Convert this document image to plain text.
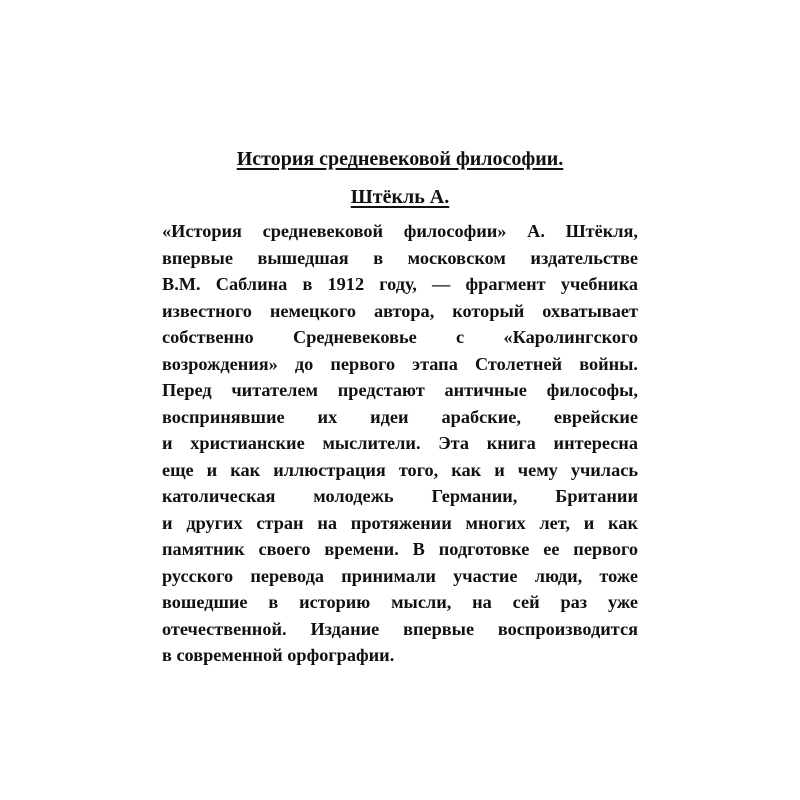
История средневековой философии.
Штёкль А.
«История средневековой философии» А. Штёкля,
впервые вышедшая в московском издательстве
В.М. Саблина в 1912 году, — фрагмент учебника
известного немецкого автора, который охватывает
собственно Средневековье с «Каролингского
возрождения» до первого этапа Столетней войны.
Перед читателем предстают античные философы,
воспринявшие их идеи арабские, еврейские
и христианские мыслители. Эта книга интересна
еще и как иллюстрация того, как и чему училась
католическая молодежь Германии, Британии
и других стран на протяжении многих лет, и как
памятник своего времени. В подготовке ее первого
русского перевода принимали участие люди, тоже
вошедшие в историю мысли, на сей раз уже
отечественной. Издание впервые воспроизводится
в современной орфографии.
